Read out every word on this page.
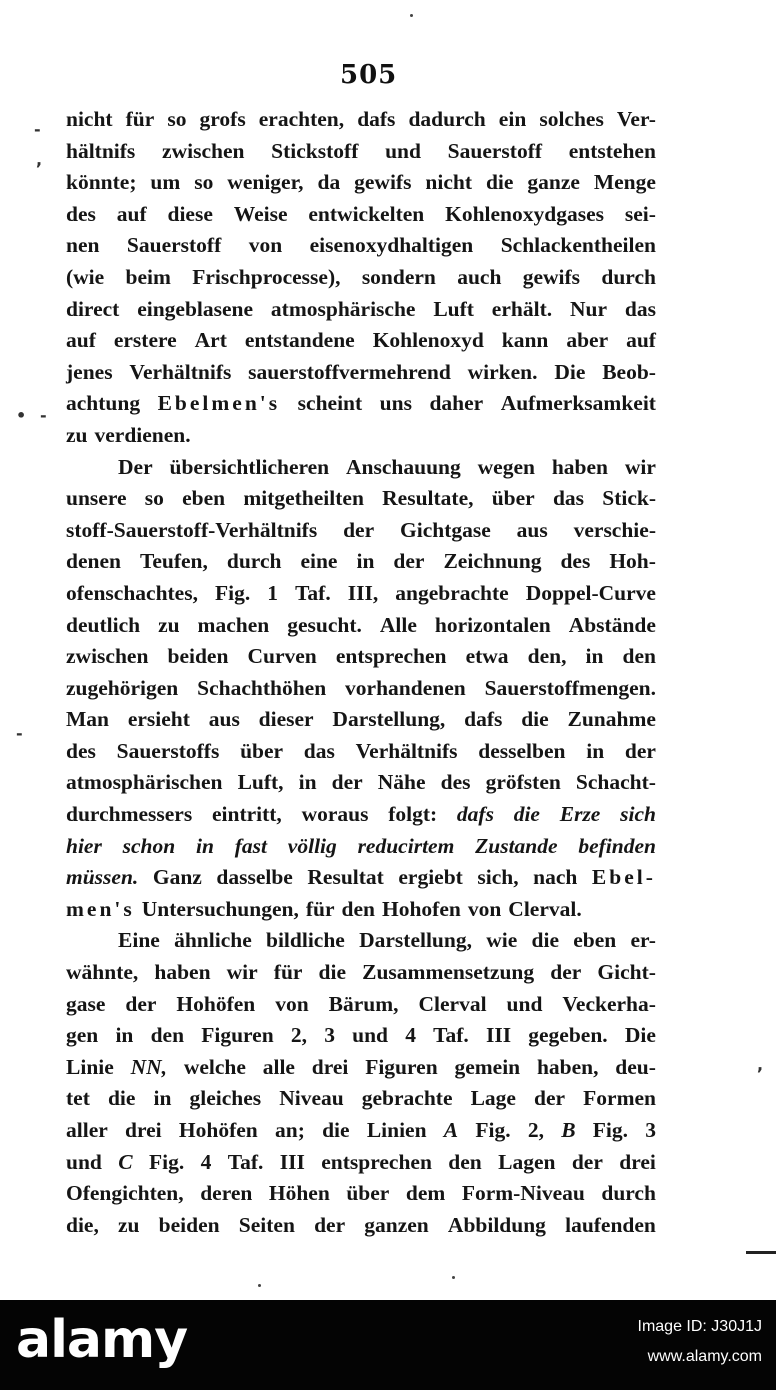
505
-
,
• -
-
,
nicht für so grofs erachten, dafs dadurch ein solches Ver-
hältnifs zwischen Stickstoff und Sauerstoff entstehen
könnte; um so weniger, da gewifs nicht die ganze Menge
des auf diese Weise entwickelten Kohlenoxydgases sei-
nen Sauerstoff von eisenoxydhaltigen Schlackentheilen
(wie beim Frischprocesse), sondern auch gewifs durch
direct eingeblasene atmosphärische Luft erhält. Nur das
auf erstere Art entstandene Kohlenoxyd kann aber auf
jenes Verhältnifs sauerstoffvermehrend wirken. Die Beob-
achtung Ebelmen's scheint uns daher Aufmerksamkeit
zu verdienen.
Der übersichtlicheren Anschauung wegen haben wir
unsere so eben mitgetheilten Resultate, über das Stick-
stoff-Sauerstoff-Verhältnifs der Gichtgase aus verschie-
denen Teufen, durch eine in der Zeichnung des Hoh-
ofenschachtes, Fig. 1 Taf. III, angebrachte Doppel-Curve
deutlich zu machen gesucht. Alle horizontalen Abstände
zwischen beiden Curven entsprechen etwa den, in den
zugehörigen Schachthöhen vorhandenen Sauerstoffmengen.
Man ersieht aus dieser Darstellung, dafs die Zunahme
des Sauerstoffs über das Verhältnifs desselben in der
atmosphärischen Luft, in der Nähe des gröfsten Schacht-
durchmessers eintritt, woraus folgt: dafs die Erze sich
hier schon in fast völlig reducirtem Zustande befinden
müssen. Ganz dasselbe Resultat ergiebt sich, nach Ebel-
men's Untersuchungen, für den Hohofen von Clerval.
Eine ähnliche bildliche Darstellung, wie die eben er-
wähnte, haben wir für die Zusammensetzung der Gicht-
gase der Hohöfen von Bärum, Clerval und Veckerha-
gen in den Figuren 2, 3 und 4 Taf. III gegeben. Die
Linie NN, welche alle drei Figuren gemein haben, deu-
tet die in gleiches Niveau gebrachte Lage der Formen
aller drei Hohöfen an; die Linien A Fig. 2, B Fig. 3
und C Fig. 4 Taf. III entsprechen den Lagen der drei
Ofengichten, deren Höhen über dem Form-Niveau durch
die, zu beiden Seiten der ganzen Abbildung laufenden
alamy	Image ID: J30J1J
www.alamy.com
